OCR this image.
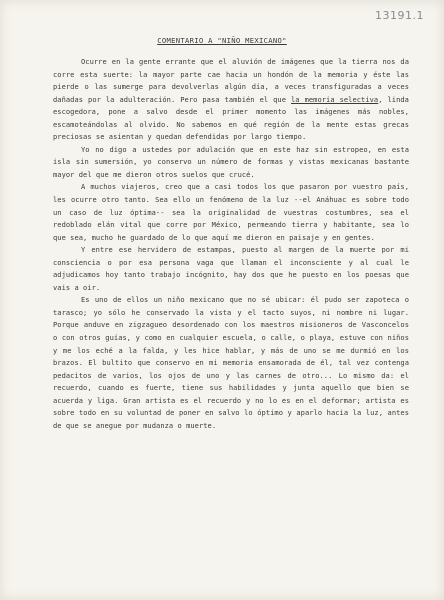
13191.1
COMENTARIO A "NIÑO MEXICANO"

Ocurre en la gente errante que el aluvión de imágenes que la tierra nos da corre esta suerte: la mayor parte cae hacia un hondón de la memoria y éste las pierde o las sumerge para devolverlas algún día, a veces transfiguradas a veces dañadas por la adulteración. Pero pasa también el que la memoria selectiva, linda escogedora, pone a salvo desde el primer momento las imágenes más nobles, escamoteándolas al olvido. No sabemos en qué región de la mente estas grecas preciosas se asientan y quedan defendidas por largo tiempo.

Yo no digo a ustedes por adulación que en este haz sin estropeo, en esta isla sin sumersión, yo conservo un número de formas y vistas mexicanas bastante mayor del que me dieron otros suelos que crucé.

A muchos viajeros, creo que a casi todos los que pasaron por vuestro país, les ocurre otro tanto. Sea ello un fenómeno de la luz --el Anáhuac es sobre todo un caso de luz óptima-- sea la originalidad de vuestras costumbres, sea el redoblado elán vital que corre por México, permeando tierra y habitante, sea lo que sea, mucho he guardado de lo que aquí me dieron en paisaje y en gentes.

Y entre ese hervidero de estampas, puesto al margen de la muerte por mi consciencia o por esa persona vaga que llaman el inconsciente y al cual le adjudicamos hoy tanto trabajo incógnito, hay dos que he puesto en los poesas que vais a oir.

Es uno de ellos un niño mexicano que no sé ubicar: él pudo ser zapoteca o tarasco; yo sólo he conservado la vista y el tacto suyos, ni nombre ni lugar. Porque anduve en zigzagueo desordenado con los maestros misioneros de Vasconcelos o con otros guías, y como en cualquier escuela, o calle, o playa, estuve con niños y me los eché a la falda, y les hice hablar, y más de uno se me durmió en los brazos. El bultito que conservo en mi memoria ensamorada de él, tal vez contenga pedacitos de varios, los ojos de uno y las carnes de otro... Lo mismo da: el recuerdo, cuando es fuerte, tiene sus habilidades y junta aquello que bien se acuerda y liga. Gran artista es el recuerdo y no lo es en el deformar; artista es sobre todo en su voluntad de poner en salvo lo óptimo y aparlo hacia la luz, antes de que se anegue por mudanza o muerte.
